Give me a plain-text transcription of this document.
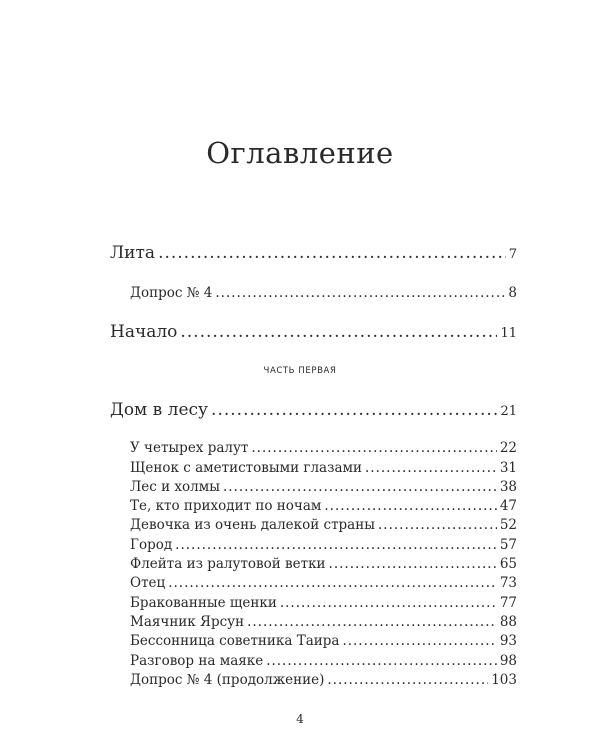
Оглавление
Лита .....	7
Допрос № 4 .....	8
Начало .....	11
ЧАСТЬ ПЕРВАЯ
Дом в лесу .....	21
У четырех ралут .....	22
Щенок с аметистовыми глазами .....	31
Лес и холмы .....	38
Те, кто приходит по ночам .....	47
Девочка из очень далекой страны .....	52
Город .....	57
Флейта из ралутовой ветки .....	65
Отец .....	73
Бракованные щенки .....	77
Маячник Ярсун .....	88
Бессонница советника Таира .....	93
Разговор на маяке .....	98
Допрос № 4 (продолжение) .....	103
4
